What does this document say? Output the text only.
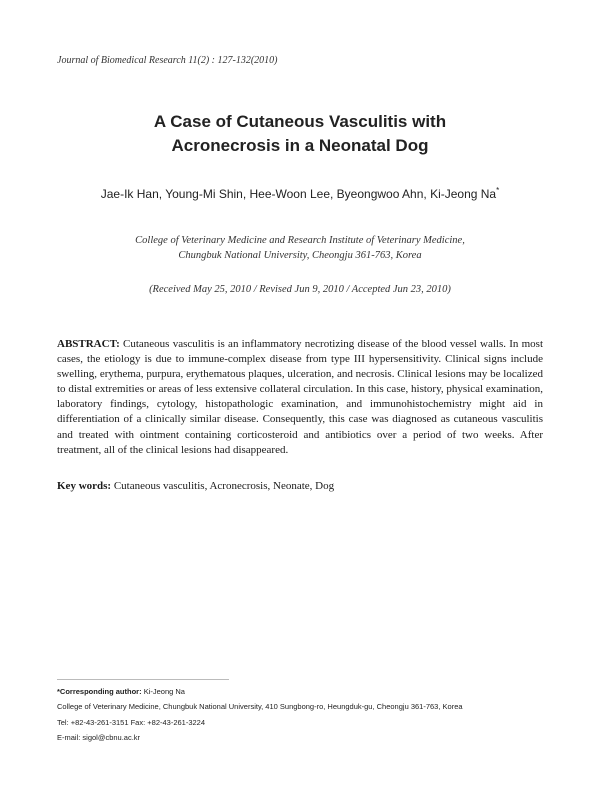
Journal of Biomedical Research 11(2) : 127-132(2010)
A Case of Cutaneous Vasculitis with
Acronecrosis in a Neonatal Dog
Jae-Ik Han, Young-Mi Shin, Hee-Woon Lee, Byeongwoo Ahn, Ki-Jeong Na*
College of Veterinary Medicine and Research Institute of Veterinary Medicine,
Chungbuk National University, Cheongju 361-763, Korea
(Received May 25, 2010 / Revised Jun 9, 2010 / Accepted Jun 23, 2010)
ABSTRACT: Cutaneous vasculitis is an inflammatory necrotizing disease of the blood vessel walls. In most cases, the etiology is due to immune-complex disease from type III hypersensitivity. Clinical signs include swelling, erythema, purpura, erythematous plaques, ulceration, and necrosis. Clinical lesions may be localized to distal extremities or areas of less extensive collateral circulation. In this case, history, physical examination, laboratory findings, cytology, histopathologic examination, and immunohistochemistry might aid in differentiation of a clinically similar disease. Consequently, this case was diagnosed as cutaneous vasculitis and treated with ointment containing corticosteroid and antibiotics over a period of two weeks. After treatment, all of the clinical lesions had disappeared.
Key words: Cutaneous vasculitis, Acronecrosis, Neonate, Dog
*Corresponding author: Ki-Jeong Na
College of Veterinary Medicine, Chungbuk National University, 410 Sungbong-ro, Heungduk-gu, Cheongju 361-763, Korea
Tel: +82-43-261-3151 Fax: +82-43-261-3224
E-mail: sigol@cbnu.ac.kr
